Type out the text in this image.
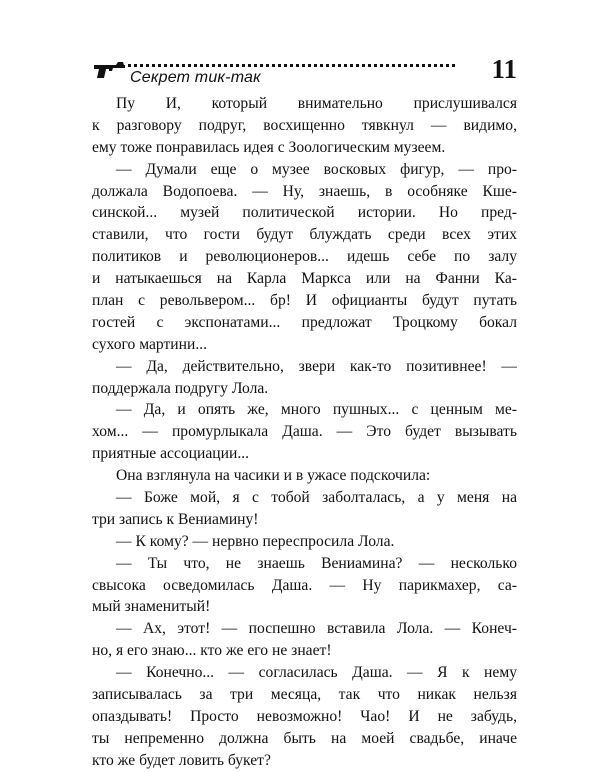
Секрет тик-так	11
Пу И, который внимательно прислушивался
к разговору подруг, восхищенно тявкнул — видимо,
ему тоже понравилась идея с Зоологическим музеем.
— Думали еще о музее восковых фигур, — про-
должала Водопоева. — Ну, знаешь, в особняке Кше-
синской... музей политической истории. Но пред-
ставили, что гости будут блуждать среди всех этих
политиков и революционеров... идешь себе по залу
и натыкаешься на Карла Маркса или на Фанни Ка-
план с револьвером... бр! И официанты будут путать
гостей с экспонатами... предложат Троцкому бокал
сухого мартини...
— Да, действительно, звери как-то позитивнее! —
поддержала подругу Лола.
— Да, и опять же, много пушных... с ценным ме-
хом... — промурлыкала Даша. — Это будет вызывать
приятные ассоциации...
Она взглянула на часики и в ужасе подскочила:
— Боже мой, я с тобой заболталась, а у меня на
три запись к Вениамину!
— К кому? — нервно переспросила Лола.
— Ты что, не знаешь Вениамина? — несколько
свысока осведомилась Даша. — Ну парикмахер, са-
мый знаменитый!
— Ах, этот! — поспешно вставила Лола. — Конеч-
но, я его знаю... кто же его не знает!
— Конечно... — согласилась Даша. — Я к нему
записывалась за три месяца, так что никак нельзя
опаздывать! Просто невозможно! Чао! И не забудь,
ты непременно должна быть на моей свадьбе, иначе
кто же будет ловить букет?
